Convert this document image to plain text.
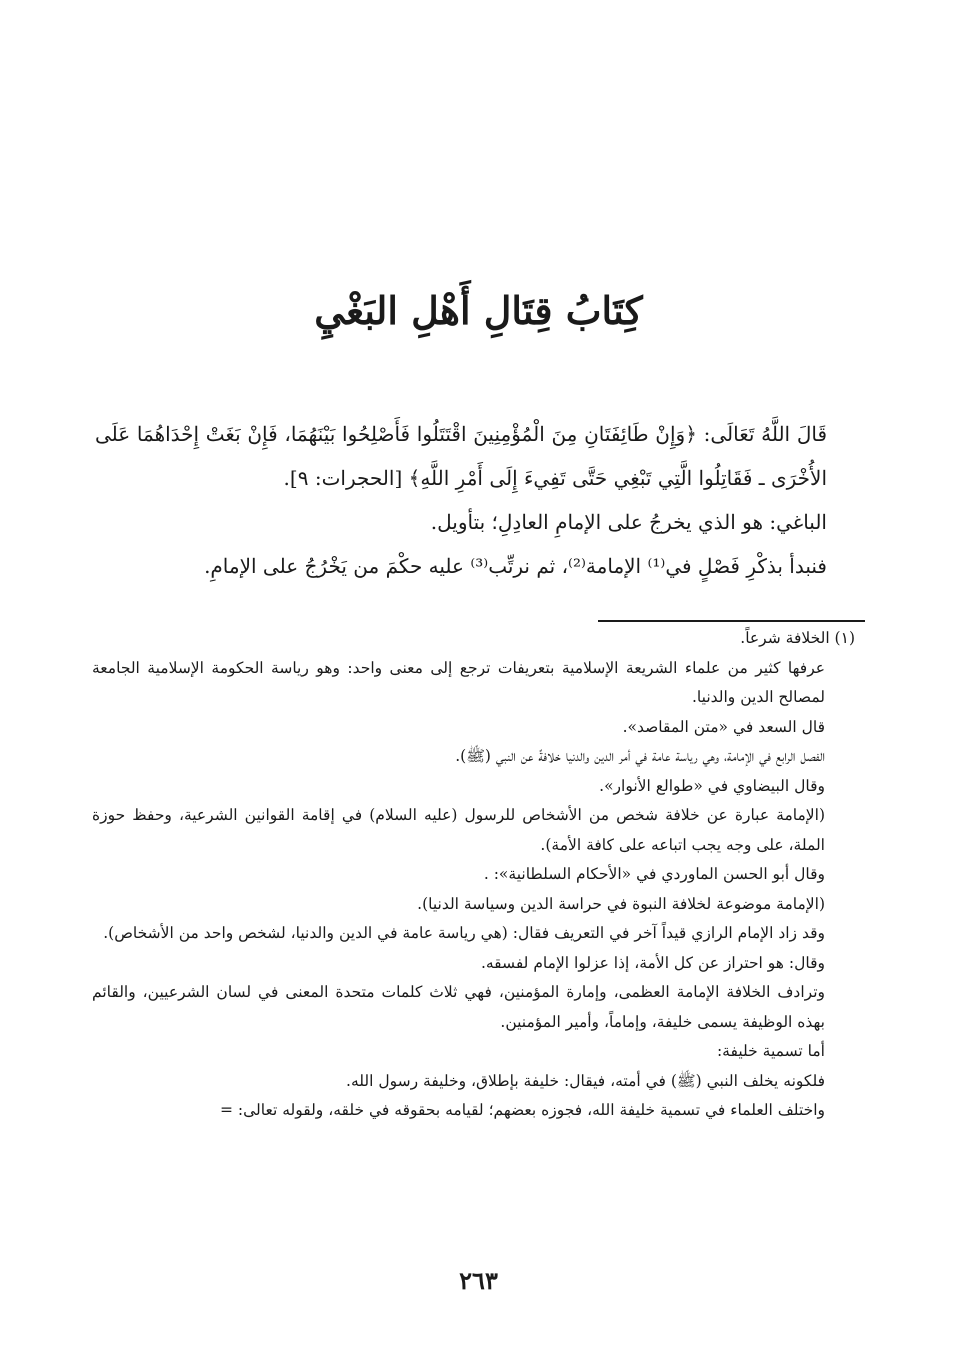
كِتَابُ قِتَالِ أَهْلِ البَغْيِ

قَالَ اللَّهُ تَعَالَى: ﴿وَإِنْ طَائِفَتَانِ مِنَ الْمُؤْمِنِينَ اقْتَتَلُوا فَأَصْلِحُوا بَيْنَهُمَا، فَإِنْ بَغَتْ إِحْدَاهُمَا عَلَى الأُخْرَى ـ فَقَاتِلُوا الَّتِي تَبْغِي حَتَّى تَفِيءَ إِلَى أَمْرِ اللَّهِ﴾ [الحجرات: ٩].

الباغي: هو الذي يخرجُ على الإمامِ العادِلِ؛ بتأويل.

فنبدأ بذكْرِ فَصْلٍ في⁽¹⁾ الإمامة⁽²⁾، ثم نرتِّب⁽³⁾ عليه حكْمَ من يَخْرُجُ على الإمامِ.

(١) الخلافة شرعاً.

عرفها كثير من علماء الشريعة الإسلامية بتعريفات ترجع إلى معنى واحد: وهو رياسة الحكومة الإسلامية الجامعة لمصالح الدين والدنيا.

قال السعد في «متن المقاصد».

الفصل الرابع في الإمامة، وهي رياسة عامة في أمر الدين والدنيا خلافةً عن النبي (ﷺ).

وقال البيضاوي في «طوالع الأنوار».

(الإمامة عبارة عن خلافة شخص من الأشخاص للرسول (عليه السلام) في إقامة القوانين الشرعية، وحفظ حوزة الملة، على وجه يجب اتباعه على كافة الأمة).

وقال أبو الحسن الماوردي في «الأحكام السلطانية»: .

(الإمامة موضوعة لخلافة النبوة في حراسة الدين وسياسة الدنيا).

وقد زاد الإمام الرازي قيداً آخر في التعريف فقال: (هي رياسة عامة في الدين والدنيا، لشخص واحد من الأشخاص).

وقال: هو احتراز عن كل الأمة، إذا عزلوا الإمام لفسقه.

وترادف الخلافة الإمامة العظمى، وإمارة المؤمنين، فهي ثلاث كلمات متحدة المعنى في لسان الشرعيين، والقائم بهذه الوظيفة يسمى خليفة، وإماماً، وأمير المؤمنين.

أما تسمية خليفة:

فلكونه يخلف النبي (ﷺ) في أمته، فيقال: خليفة بإطلاق، وخليفة رسول الله.

واختلف العلماء في تسمية خليفة الله، فجوزه بعضهم؛ لقيامه بحقوقه في خلقه، ولقوله تعالى: =

٢٦٣
